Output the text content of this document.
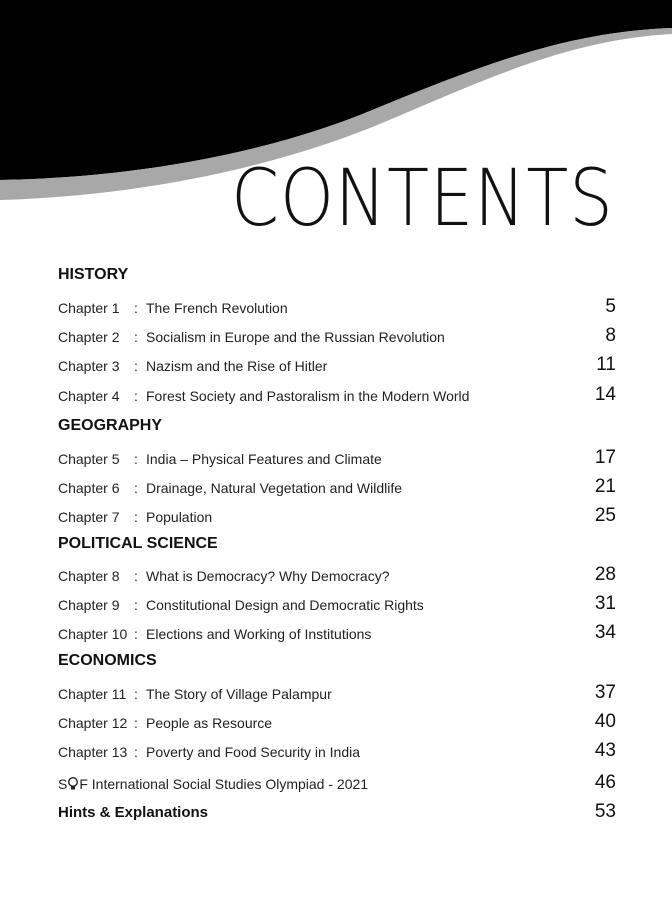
CONTENTS
HISTORY
Chapter 1 : The French Revolution	5
Chapter 2 : Socialism in Europe and the Russian Revolution	8
Chapter 3 : Nazism and the Rise of Hitler	11
Chapter 4 : Forest Society and Pastoralism in the Modern World	14
GEOGRAPHY
Chapter 5 : India – Physical Features and Climate	17
Chapter 6 : Drainage, Natural Vegetation and Wildlife	21
Chapter 7 : Population	25
POLITICAL SCIENCE
Chapter 8 : What is Democracy? Why Democracy?	28
Chapter 9 : Constitutional Design and Democratic Rights	31
Chapter 10 : Elections and Working of Institutions	34
ECONOMICS
Chapter 11 : The Story of Village Palampur	37
Chapter 12 : People as Resource	40
Chapter 13 : Poverty and Food Security in India	43
S F International Social Studies Olympiad - 2021	46
Hints & Explanations	53
